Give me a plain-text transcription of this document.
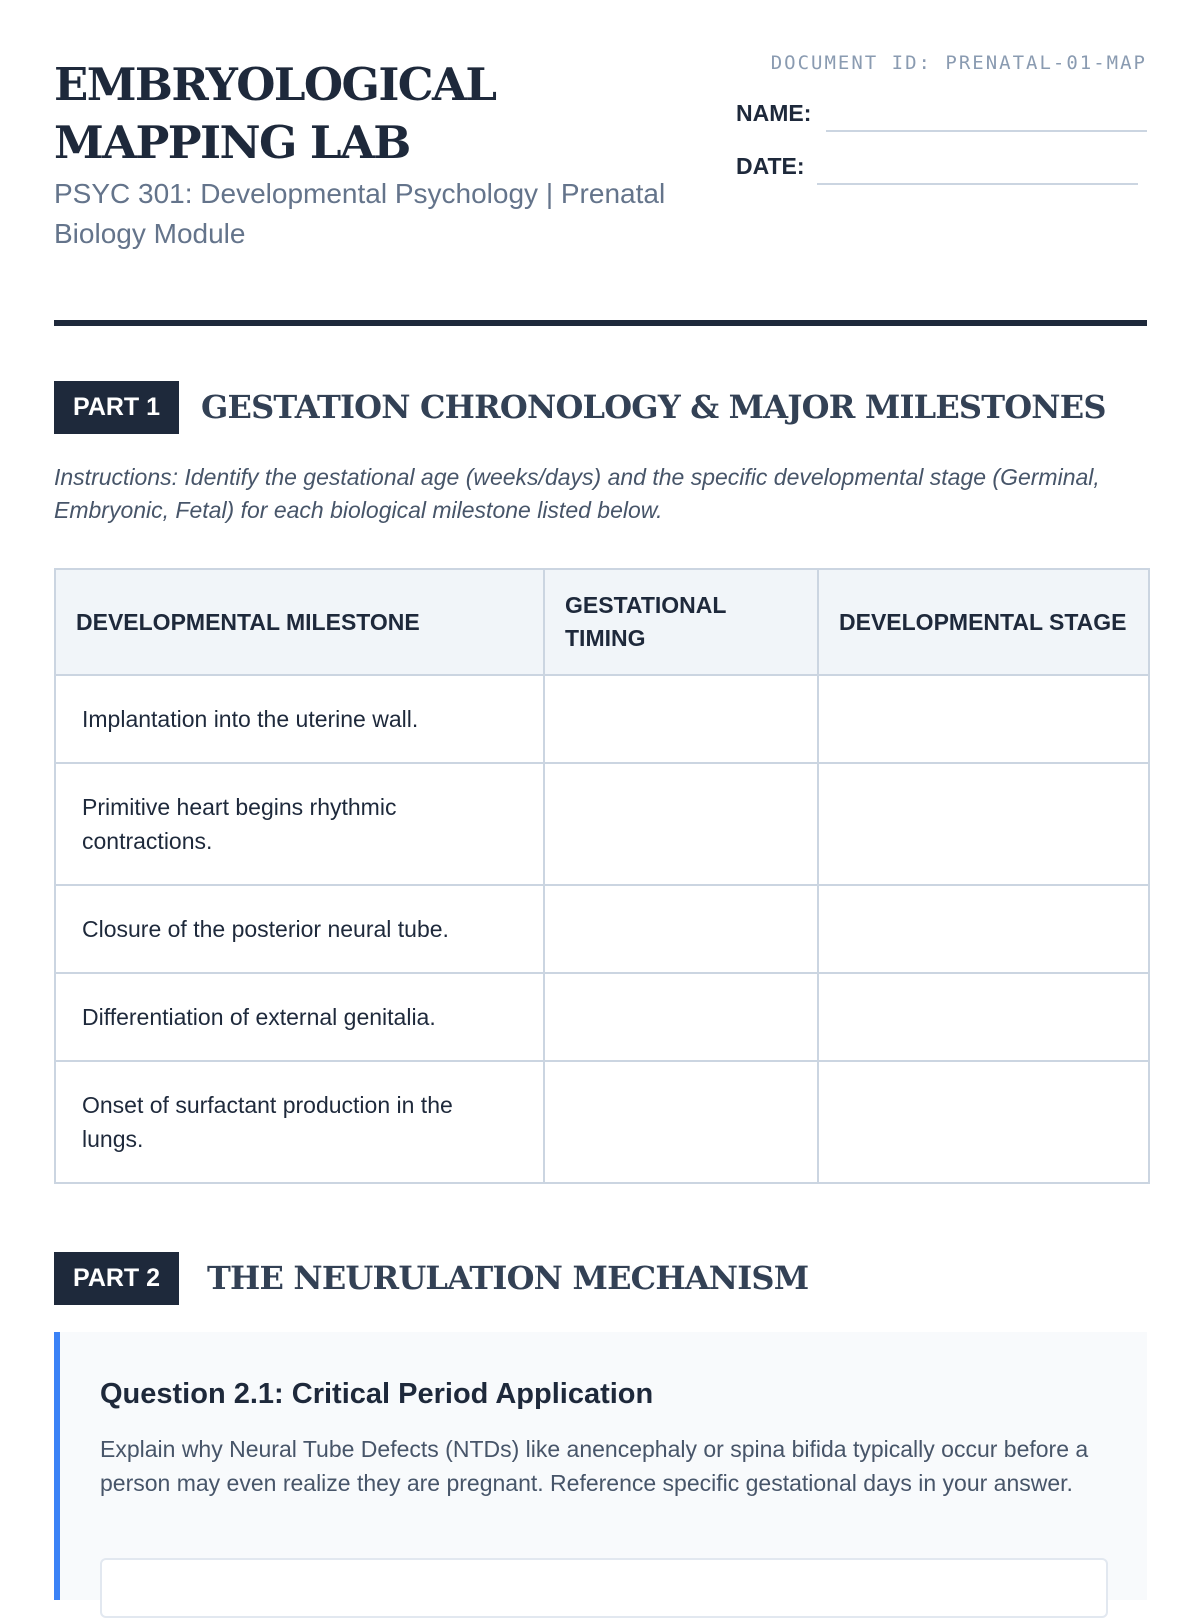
EMBRYOLOGICAL MAPPING LAB
PSYC 301: Developmental Psychology | Prenatal Biology Module
DOCUMENT ID: PRENATAL-01-MAP
NAME:
DATE:
PART 1	GESTATION CHRONOLOGY & MAJOR MILESTONES
Instructions: Identify the gestational age (weeks/days) and the specific developmental stage (Germinal, Embryonic, Fetal) for each biological milestone listed below.
DEVELOPMENTAL MILESTONE	GESTATIONAL TIMING	DEVELOPMENTAL STAGE
Implantation into the uterine wall.		
Primitive heart begins rhythmic contractions.		
Closure of the posterior neural tube.		
Differentiation of external genitalia.		
Onset of surfactant production in the lungs.		
PART 2	THE NEURULATION MECHANISM
Question 2.1: Critical Period Application
Explain why Neural Tube Defects (NTDs) like anencephaly or spina bifida typically occur before a person may even realize they are pregnant. Reference specific gestational days in your answer.
